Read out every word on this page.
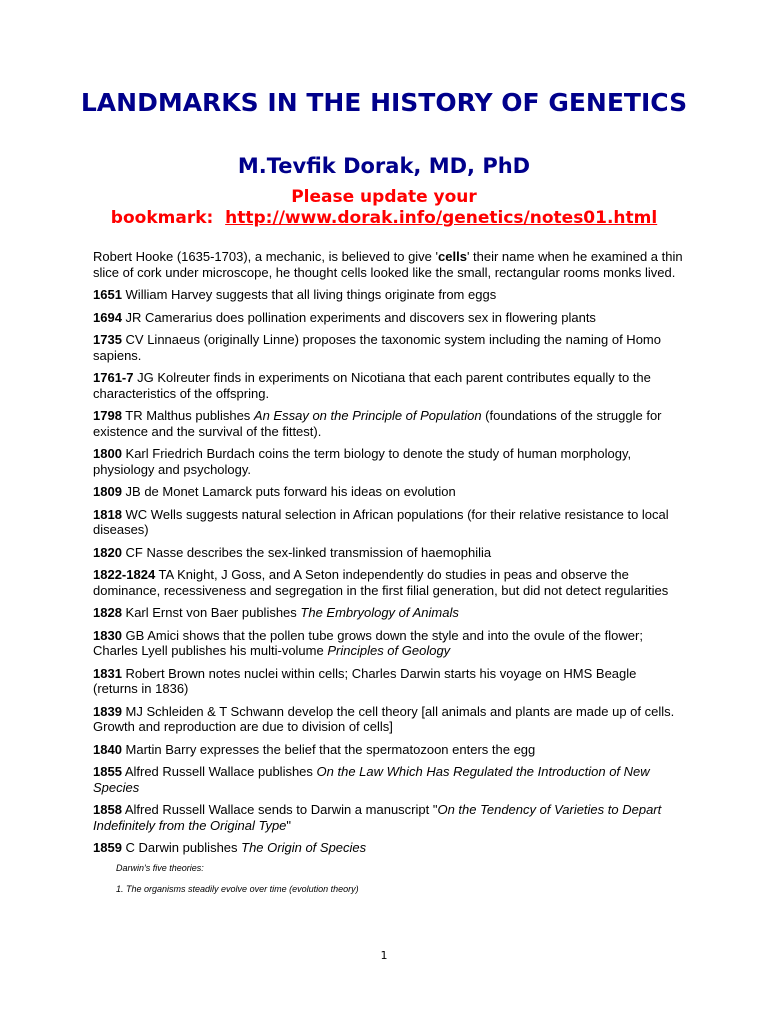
LANDMARKS IN THE HISTORY OF GENETICS
M.Tevfik Dorak, MD, PhD
Please update your
bookmark: http://www.dorak.info/genetics/notes01.html

Robert Hooke (1635-1703), a mechanic, is believed to give 'cells' their name when he examined a thin slice of cork under microscope, he thought cells looked like the small, rectangular rooms monks lived.

1651 William Harvey suggests that all living things originate from eggs

1694 JR Camerarius does pollination experiments and discovers sex in flowering plants

1735 CV Linnaeus (originally Linne) proposes the taxonomic system including the naming of Homo sapiens.

1761-7 JG Kolreuter finds in experiments on Nicotiana that each parent contributes equally to the characteristics of the offspring.

1798 TR Malthus publishes An Essay on the Principle of Population (foundations of the struggle for existence and the survival of the fittest).

1800 Karl Friedrich Burdach coins the term biology to denote the study of human morphology, physiology and psychology.

1809 JB de Monet Lamarck puts forward his ideas on evolution

1818 WC Wells suggests natural selection in African populations (for their relative resistance to local diseases)

1820 CF Nasse describes the sex-linked transmission of haemophilia

1822-1824 TA Knight, J Goss, and A Seton independently do studies in peas and observe the dominance, recessiveness and segregation in the first filial generation, but did not detect regularities

1828 Karl Ernst von Baer publishes The Embryology of Animals

1830 GB Amici shows that the pollen tube grows down the style and into the ovule of the flower; Charles Lyell publishes his multi-volume Principles of Geology

1831 Robert Brown notes nuclei within cells; Charles Darwin starts his voyage on HMS Beagle (returns in 1836)

1839 MJ Schleiden & T Schwann develop the cell theory [all animals and plants are made up of cells. Growth and reproduction are due to division of cells]

1840 Martin Barry expresses the belief that the spermatozoon enters the egg

1855 Alfred Russell Wallace publishes On the Law Which Has Regulated the Introduction of New Species

1858 Alfred Russell Wallace sends to Darwin a manuscript "On the Tendency of Varieties to Depart Indefinitely from the Original Type"

1859 C Darwin publishes The Origin of Species

Darwin's five theories:

1. The organisms steadily evolve over time (evolution theory)

1
